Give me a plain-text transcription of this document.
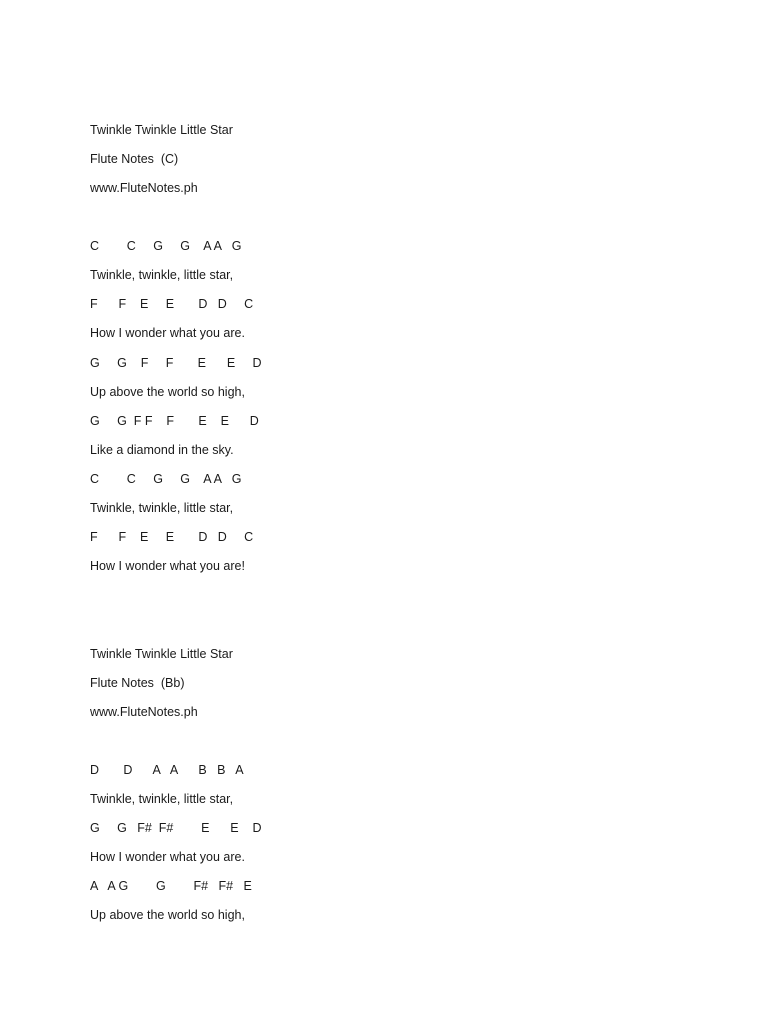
Twinkle Twinkle Little Star
Flute Notes  (C)
www.FluteNotes.ph
C        C     G     G    A A   G
Twinkle, twinkle, little star,
F      F    E     E       D   D     C
How I wonder what you are.
G     G    F     F       E      E     D
Up above the world so high,
G     G  F F    F       E    E      D
Like a diamond in the sky.
C        C     G     G    A A   G
Twinkle, twinkle, little star,
F      F    E     E       D   D     C
How I wonder what you are!
Twinkle Twinkle Little Star
Flute Notes  (Bb)
www.FluteNotes.ph
D       D      A   A      B   B   A
Twinkle, twinkle, little star,
G     G   F#  F#        E      E    D
How I wonder what you are.
A   A G        G        F#   F#   E
Up above the world so high,
